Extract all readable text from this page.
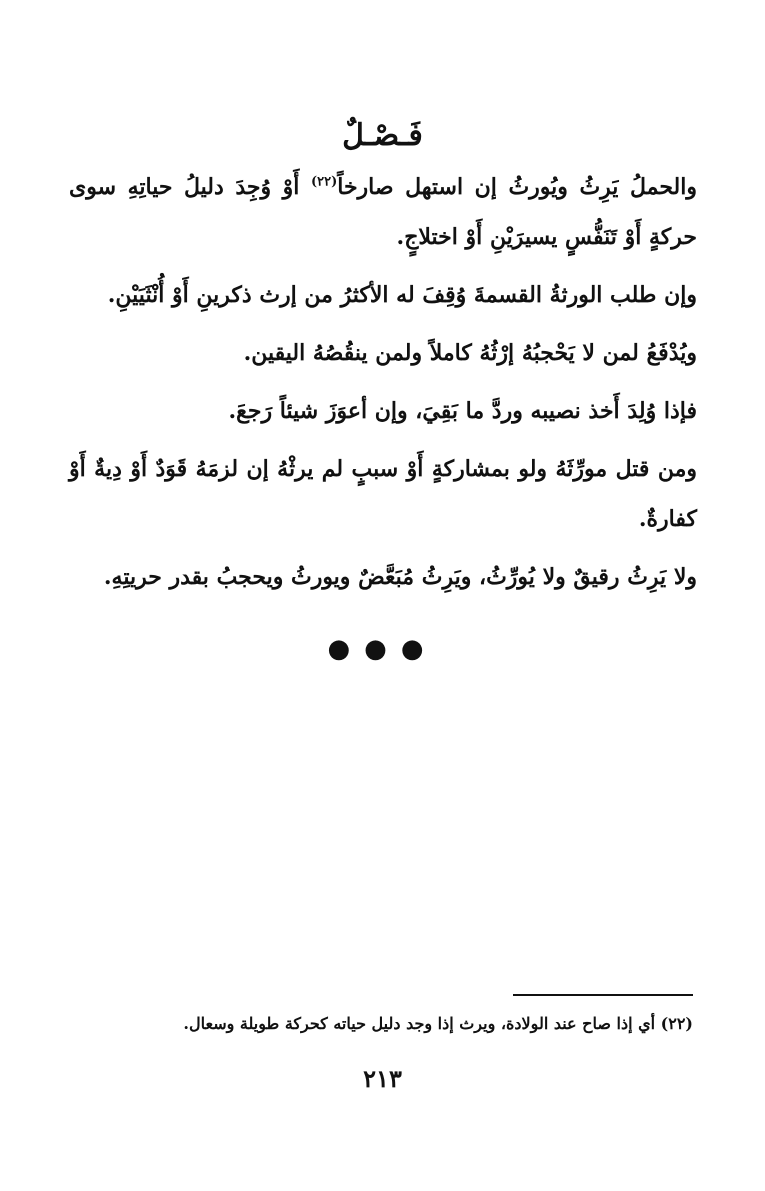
فَـصْـلٌ

والحملُ يَرِثُ ويُورثُ إن استهل صارخاً$^{(٢٢)}$ أَوْ وُجِدَ دليلُ حياتِهِ سوى حركةٍ أَوْ تَنَفُّسٍ يسيرَيْنِ أَوْ اختلاجٍ.

وإن طلب الورثةُ القسمةَ وُقِفَ له الأكثرُ من إرث ذكرينِ أَوْ أُنْثَيَيْنِ.

ويُدْفَعُ لمن لا يَحْجبُهُ إرْثُهُ كاملاً ولمن ينقُصُهُ اليقين.

فإذا وُلِدَ أَخذ نصيبه وردَّ ما بَقِيَ، وإن أعوَزَ شيئاً رَجعَ.

ومن قتل مورِّثَهُ ولو بمشاركةٍ أَوْ سببٍ لم يرثْهُ إن لزمَهُ قَوَدٌ أَوْ دِيةٌ أَوْ كفارةٌ.

ولا يَرِثُ رقيقٌ ولا يُورِّثُ، ويَرِثُ مُبَعَّضٌ ويورثُ ويحجبُ بقدر حريتِهِ.

●●●

(٢٢) أي إذا صاح عند الولادة، ويرث إذا وجد دليل حياته كحركة طويلة وسعال.

٢١٣
